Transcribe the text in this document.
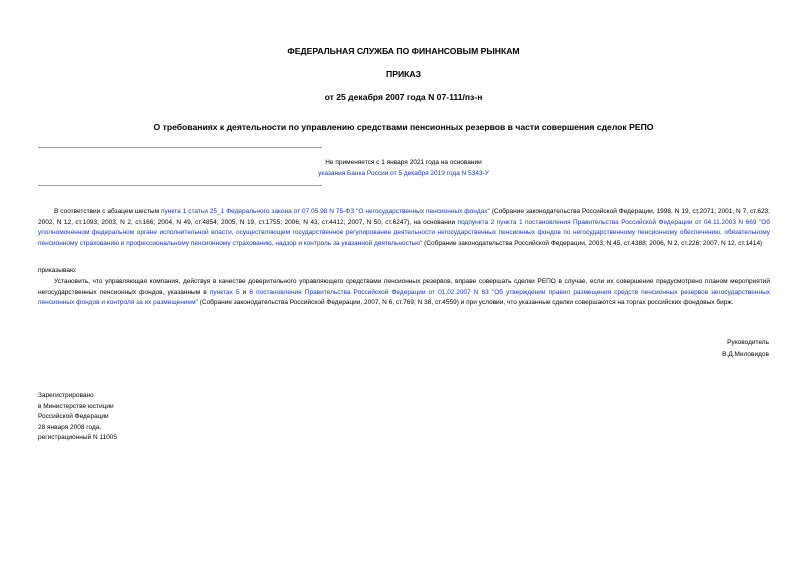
ФЕДЕРАЛЬНАЯ СЛУЖБА ПО ФИНАНСОВЫМ РЫНКАМ
ПРИКАЗ
от 25 декабря 2007 года N 07-111/пз-н
О требованиях к деятельности по управлению средствами пенсионных резервов в части совершения сделок РЕПО
Не применяется с 1 января 2021 года на основании
указания Банка России от 5 декабря 2019 года N 5343-У
В соответствии с абзацем шестым пункта 1 статьи 25_1 Федерального закона от 07.05.98 N 75-ФЗ "О негосударственных пенсионных фондах" (Собрание законодательства Российской Федерации, 1998, N 19, ст.2071; 2001, N 7, ст.623; 2002, N 12, ст.1093; 2003, N 2, ст.166; 2004, N 49, ст.4854; 2005, N 19, ст.1755; 2006, N 43, ст.4412; 2007, N 50, ст.6247), на основании подпункта 2 пункта 1 постановления Правительства Российской Федерации от 04.11.2003 N 669 "Об уполномоченном федеральном органе исполнительной власти, осуществляющем государственное регулирование деятельности негосударственных пенсионных фондов по негосударственному пенсионному обеспечению, обязательному пенсионному страхованию и профессиональному пенсионному страхованию, надзор и контроль за указанной деятельностью" (Собрание законодательства Российской Федерации, 2003, N 45, ст.4388; 2006, N 2, ст.226; 2007, N 12, ст.1414)
приказываю:
Установить, что управляющая компания, действуя в качестве доверительного управляющего средствами пенсионных резервов, вправе совершать сделки РЕПО в случае, если их совершение предусмотрено планом мероприятий негосударственных пенсионных фондов, указанным в пунктах 5 и 6 постановления Правительства Российской Федерации от 01.02.2007 N 63 "Об утверждении правил размещения средств пенсионных резервов негосударственных пенсионных фондов и контроля за их размещением" (Собрание законодательства Российской Федерации, 2007, N 6, ст.769; N 38, ст.4559) и при условии, что указанные сделки совершаются на торгах российских фондовых бирж.
Руководитель
В.Д.Миловидов
Зарегистрировано
в Министерстве юстиции
Российской Федерации
28 января 2008 года,
регистрационный N 11005
